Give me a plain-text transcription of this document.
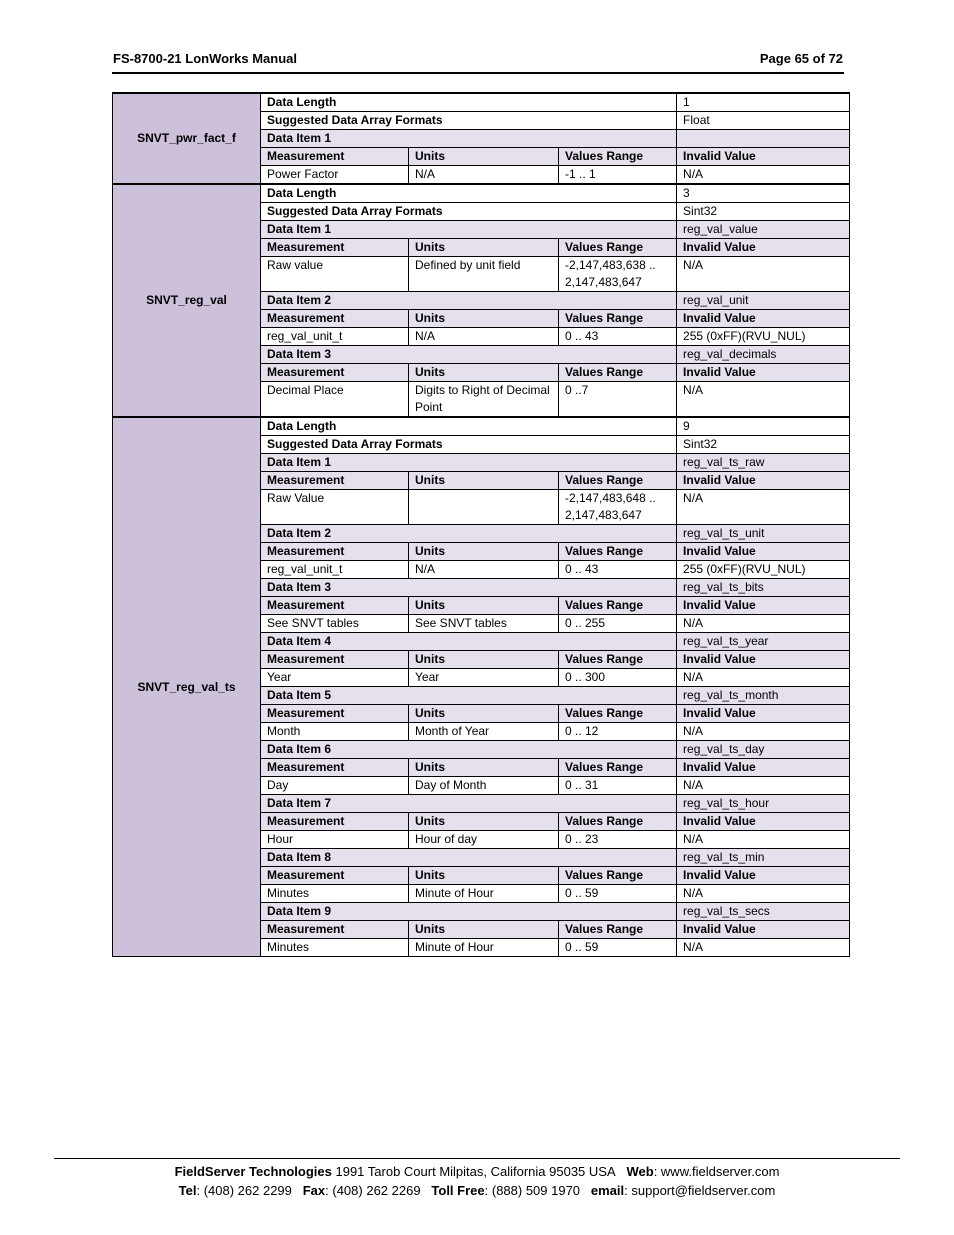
FS-8700-21 LonWorks Manual	Page 65 of 72
SNVT_pwr_fact_f	Data Length			1
	Suggested Data Array Formats			Float
	Data Item 1			
	Measurement	Units	Values Range	Invalid Value
	Power Factor	N/A	-1 .. 1	N/A
SNVT_reg_val	Data Length			3
	Suggested Data Array Formats			Sint32
	Data Item 1			reg_val_value
	Measurement	Units	Values Range	Invalid Value
	Raw value	Defined by unit field	-2,147,483,638 .. 2,147,483,647	N/A
	Data Item 2			reg_val_unit
	Measurement	Units	Values Range	Invalid Value
	reg_val_unit_t	N/A	0 .. 43	255 (0xFF)(RVU_NUL)
	Data Item 3			reg_val_decimals
	Measurement	Units	Values Range	Invalid Value
	Decimal Place	Digits to Right of Decimal Point	0 ..7	N/A
SNVT_reg_val_ts	Data Length			9
	Suggested Data Array Formats			Sint32
	Data Item 1			reg_val_ts_raw
	Measurement	Units	Values Range	Invalid Value
	Raw Value		-2,147,483,648 .. 2,147,483,647	N/A
	Data Item 2			reg_val_ts_unit
	Measurement	Units	Values Range	Invalid Value
	reg_val_unit_t	N/A	0 .. 43	255 (0xFF)(RVU_NUL)
	Data Item 3			reg_val_ts_bits
	Measurement	Units	Values Range	Invalid Value
	See SNVT tables	See SNVT tables	0 .. 255	N/A
	Data Item 4			reg_val_ts_year
	Measurement	Units	Values Range	Invalid Value
	Year	Year	0 .. 300	N/A
	Data Item 5			reg_val_ts_month
	Measurement	Units	Values Range	Invalid Value
	Month	Month of Year	0 .. 12	N/A
	Data Item 6			reg_val_ts_day
	Measurement	Units	Values Range	Invalid Value
	Day	Day of Month	0 .. 31	N/A
	Data Item 7			reg_val_ts_hour
	Measurement	Units	Values Range	Invalid Value
	Hour	Hour of day	0 .. 23	N/A
	Data Item 8			reg_val_ts_min
	Measurement	Units	Values Range	Invalid Value
	Minutes	Minute of Hour	0 .. 59	N/A
	Data Item 9			reg_val_ts_secs
	Measurement	Units	Values Range	Invalid Value
	Minutes	Minute of Hour	0 .. 59	N/A
FieldServer Technologies 1991 Tarob Court Milpitas, California 95035 USA Web: www.fieldserver.com
Tel: (408) 262 2299 Fax: (408) 262 2269 Toll Free: (888) 509 1970 email: support@fieldserver.com
